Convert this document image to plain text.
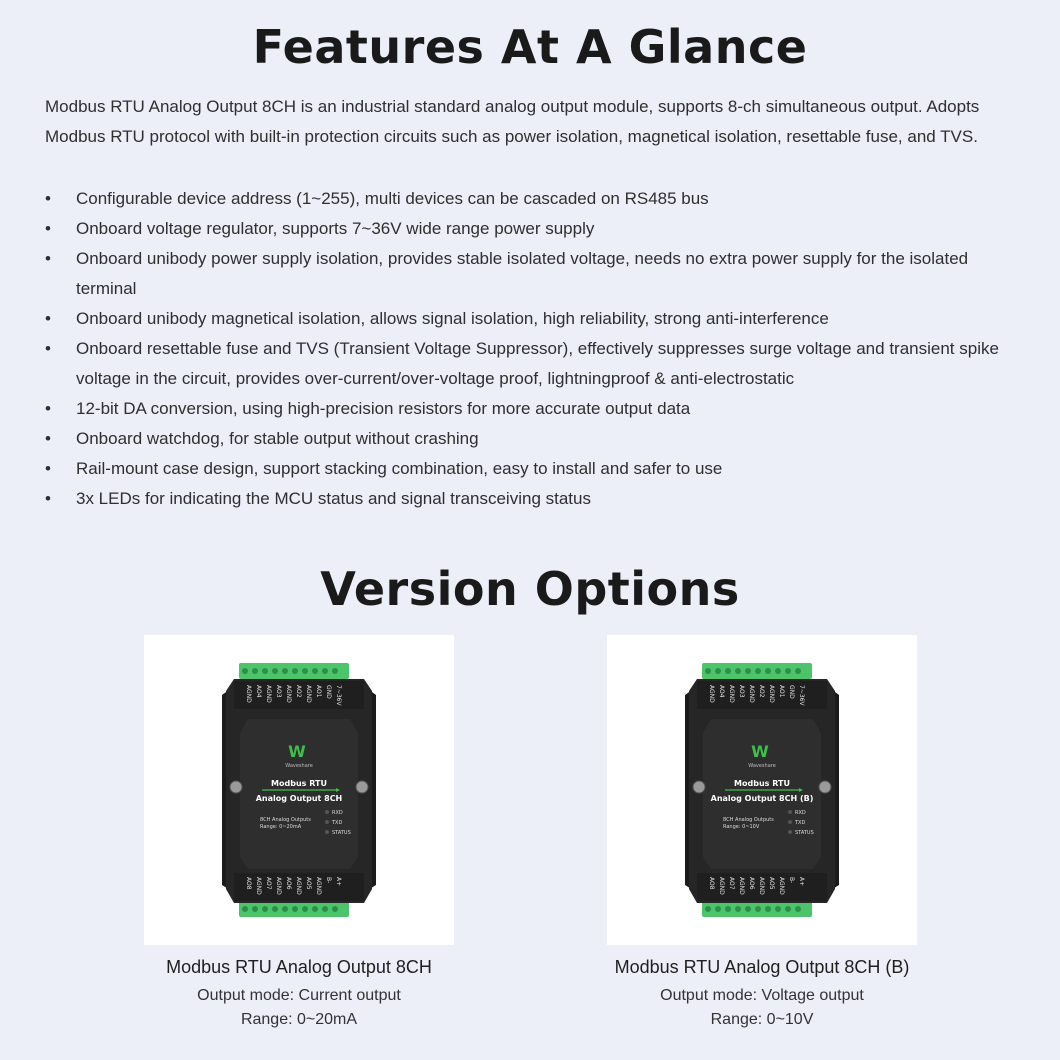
Features At A Glance

Modbus RTU Analog Output 8CH is an industrial standard analog output module, supports 8-ch simultaneous output. Adopts Modbus RTU protocol with built-in protection circuits such as power isolation, magnetical isolation, resettable fuse, and TVS.

• Configurable device address (1~255), multi devices can be cascaded on RS485 bus
• Onboard voltage regulator, supports 7~36V wide range power supply
• Onboard unibody power supply isolation, provides stable isolated voltage, needs no extra power supply for the isolated terminal
• Onboard unibody magnetical isolation, allows signal isolation, high reliability, strong anti-interference
• Onboard resettable fuse and TVS (Transient Voltage Suppressor), effectively suppresses surge voltage and transient spike voltage in the circuit, provides over-current/over-voltage proof, lightningproof & anti-electrostatic
• 12-bit DA conversion, using high-precision resistors for more accurate output data
• Onboard watchdog, for stable output without crashing
• Rail-mount case design, support stacking combination, easy to install and safer to use
• 3x LEDs for indicating the MCU status and signal transceiving status
Version Options
AGND AO4 AGND AO3 AGND AO2 AGND AO1 GND 7~36V
AO8 AGND AO7 AGND AO6 AGND AO5 AGND B- A+
W
Waveshare
Modbus RTU
Analog Output 8CH
8CH Analog Outputs
Range: 0~20mA
RXD
TXD
STATUS
Modbus RTU Analog Output 8CH
Output mode: Current output
Range: 0~20mA
AGND AO4 AGND AO3 AGND AO2 AGND AO1 GND 7~36V
AO8 AGND AO7 AGND AO6 AGND AO5 AGND B- A+
W
Waveshare
Modbus RTU
Analog Output 8CH (B)
8CH Analog Outputs
Range: 0~10V
RXD
TXD
STATUS
Modbus RTU Analog Output 8CH (B)
Output mode: Voltage output
Range: 0~10V
